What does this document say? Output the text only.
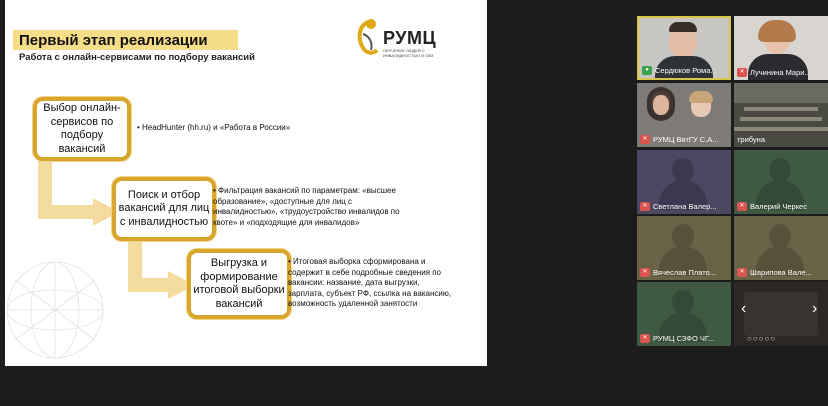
Первый этап реализации
Работа с онлайн-сервисами по подбору вакансий
РУМЦ
ОБУЧЕНИЕ ЛЮДЕЙ С ИНВАЛИДНОСТЬЮ И ОВЗ
Выбор онлайн-сервисов по подбору вакансий
• HeadHunter (hh.ru) и «Работа в России»
Поиск и отбор вакансий для лиц с инвалидностью
• Фильтрация вакансий по параметрам: «высшее образование», «доступные для лиц с инвалидностью», «трудоустройство инвалидов по квоте» и «подходящие для инвалидов»
Выгрузка и формирование итоговой выборки вакансий
• Итоговая выборка сформирована и содержит в себе подробные сведения по вакансии: название, дата выгрузки, зарплата, субъект РФ, ссылка на вакансию, возможность удаленной занятости
● Сердюков Рома...	✕ Лучинина Мари...
✕ РУМЦ ВятГУ С.А... трибуна
✕ Светлана Валер...	✕ Валерий Черкес
✕ Вячеслав Плато...	✕ Шарипова Вале...
✕ РУМЦ СЗФО ЧГ...
‹	›
○○○○○
